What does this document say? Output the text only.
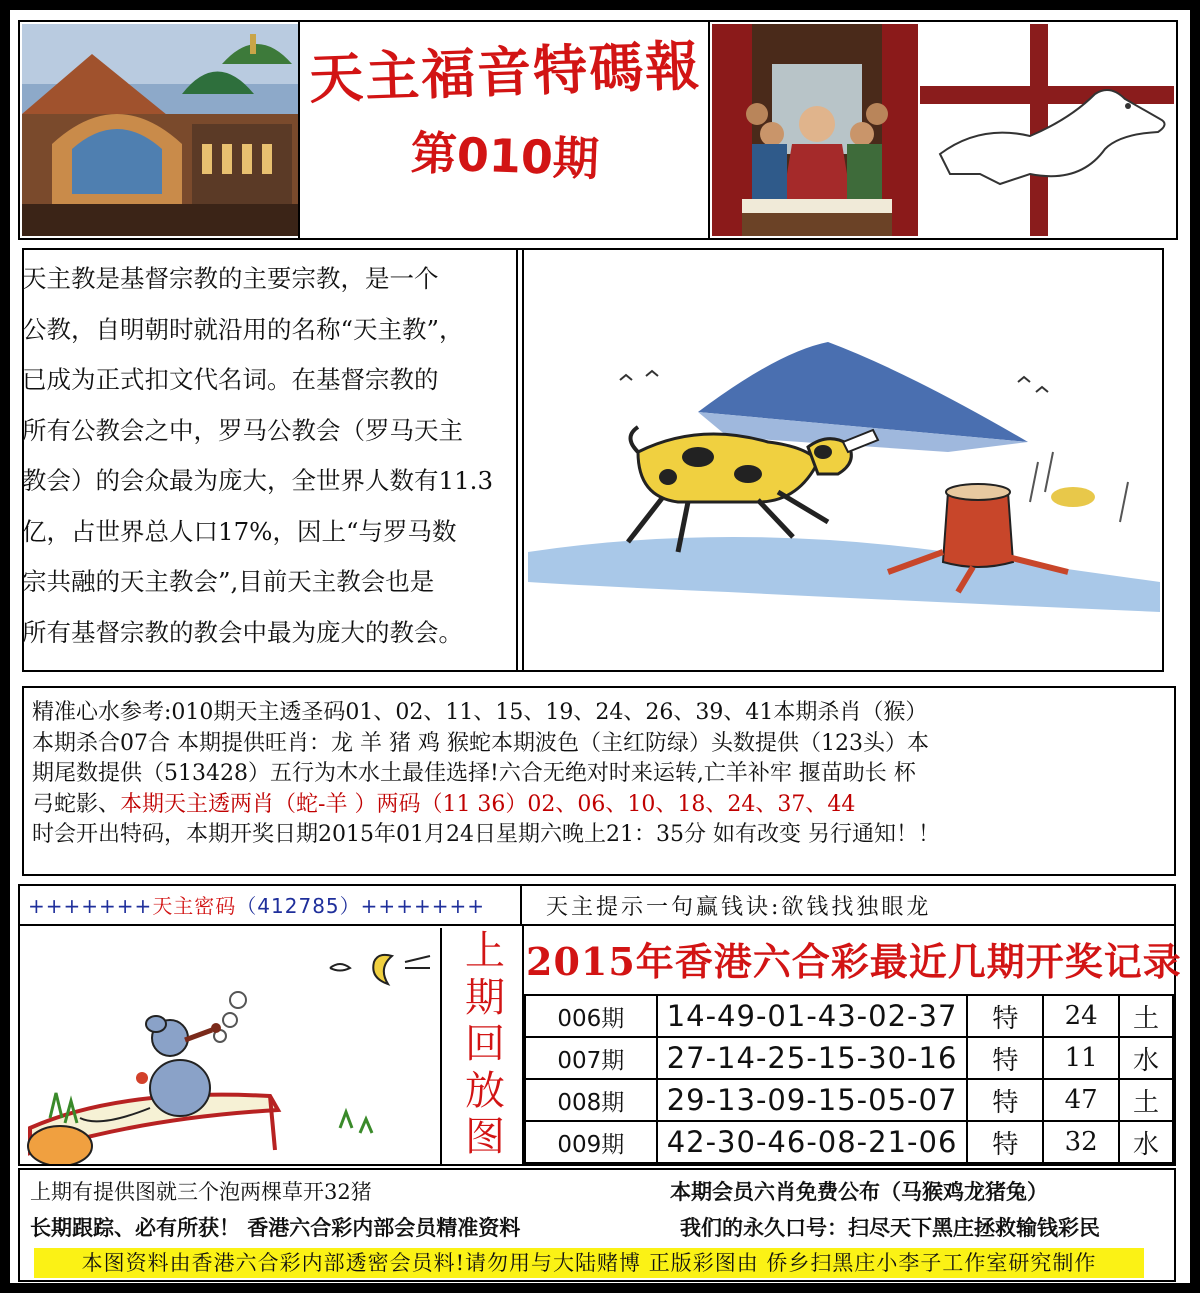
天主福音特碼報
第010期
天主教是基督宗教的主要宗教，是一个
公教，自明朝时就沿用的名称“天主教”，
已成为正式扣文代名词。在基督宗教的
所有公教会之中，罗马公教会（罗马天主
教会）的会众最为庞大，全世界人数有11.3
亿，占世界总人口17%，因上“与罗马数
宗共融的天主教会”,目前天主教会也是
所有基督宗教的教会中最为庞大的教会。
精准心水参考:010期天主透圣码01、02、11、15、19、24、26、39、41本期杀肖（猴）
本期杀合07合 本期提供旺肖：龙 羊 猪 鸡 猴蛇本期波色（主红防绿）头数提供（123头）本
期尾数提供（513428）五行为木水土最佳选择!六合无绝对时来运转,亡羊补牢 揠苗助长 杯
弓蛇影、本期天主透两肖（蛇-羊 ）两码（11 36）02、06、10、18、24、37、44
时会开出特码，本期开奖日期2015年01月24日星期六晚上21：35分 如有改变 另行通知！！
+++++++天主密码（412785）+++++++	天主提示一句赢钱诀:欲钱找独眼龙
上
期
回
放
图
2015年香港六合彩最近几期开奖记录
006期	14-49-01-43-02-37	特	24	土
007期	27-14-25-15-30-16	特	11	水
008期	29-13-09-15-05-07	特	47	土
009期	42-30-46-08-21-06	特	32	水
上期有提供图就三个泡两棵草开32猪	本期会员六肖免费公布（马猴鸡龙猪兔）
长期跟踪、必有所获！ 香港六合彩内部会员精准资料	我们的永久口号：扫尽天下黑庄拯救输钱彩民
本图资料由香港六合彩内部透密会员料!请勿用与大陆赌博 正版彩图由 侨乡扫黑庄小李子工作室研究制作
